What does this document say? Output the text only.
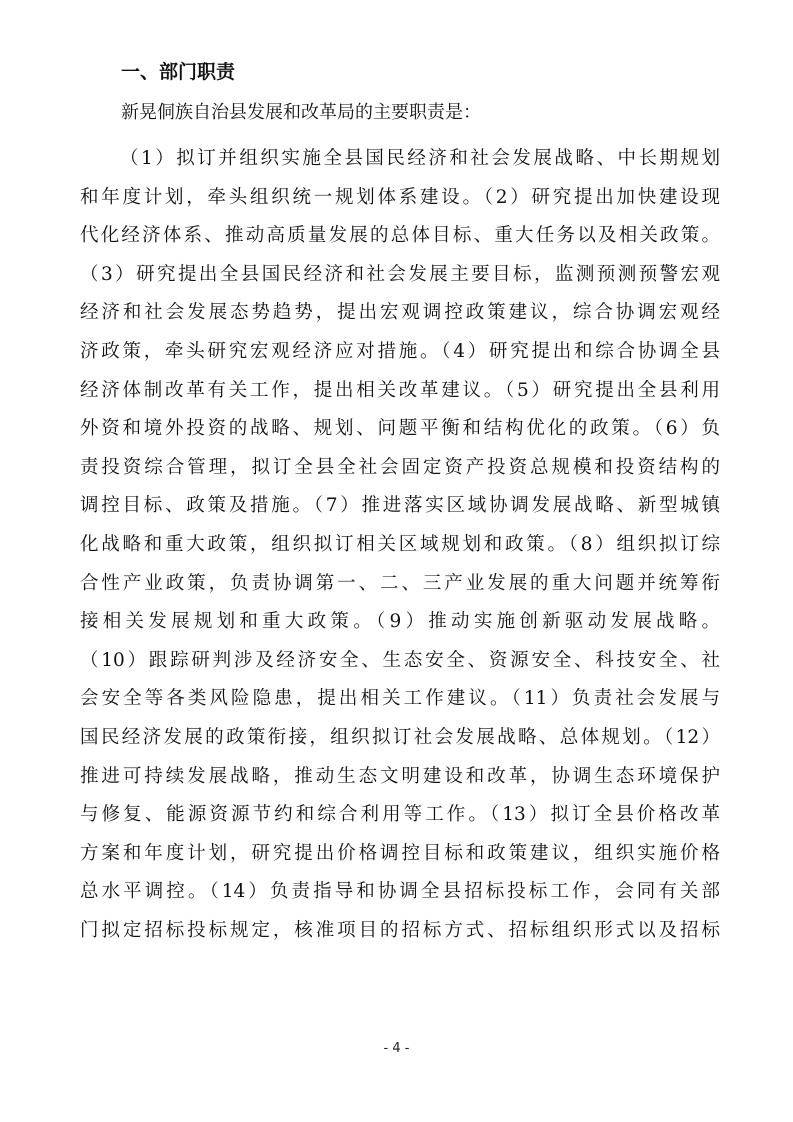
一、部门职责

新晃侗族自治县发展和改革局的主要职责是：

（1）拟订并组织实施全县国民经济和社会发展战略、中长期规划
和年度计划，牵头组织统一规划体系建设。（2）研究提出加快建设现
代化经济体系、推动高质量发展的总体目标、重大任务以及相关政策。
（3）研究提出全县国民经济和社会发展主要目标，监测预测预警宏观
经济和社会发展态势趋势，提出宏观调控政策建议，综合协调宏观经
济政策，牵头研究宏观经济应对措施。（4）研究提出和综合协调全县
经济体制改革有关工作，提出相关改革建议。（5）研究提出全县利用
外资和境外投资的战略、规划、问题平衡和结构优化的政策。（6）负
责投资综合管理，拟订全县全社会固定资产投资总规模和投资结构的
调控目标、政策及措施。（7）推进落实区域协调发展战略、新型城镇
化战略和重大政策，组织拟订相关区域规划和政策。（8）组织拟订综
合性产业政策，负责协调第一、二、三产业发展的重大问题并统筹衔
接相关发展规划和重大政策。（9）推动实施创新驱动发展战略。
（10）跟踪研判涉及经济安全、生态安全、资源安全、科技安全、社
会安全等各类风险隐患，提出相关工作建议。（11）负责社会发展与
国民经济发展的政策衔接，组织拟订社会发展战略、总体规划。（12）
推进可持续发展战略，推动生态文明建设和改革，协调生态环境保护
与修复、能源资源节约和综合利用等工作。（13）拟订全县价格改革
方案和年度计划，研究提出价格调控目标和政策建议，组织实施价格
总水平调控。（14）负责指导和协调全县招标投标工作，会同有关部
门拟定招标投标规定，核准项目的招标方式、招标组织形式以及招标
- 4 -
